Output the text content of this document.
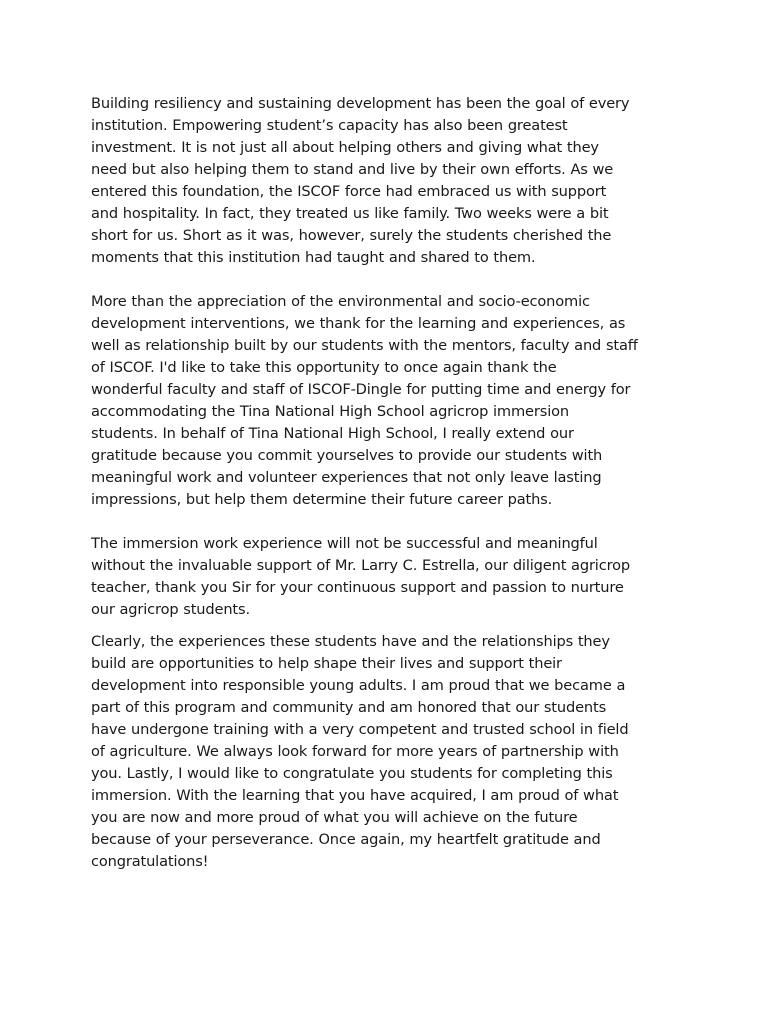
Building resiliency and sustaining development has been the goal of every
institution. Empowering student’s capacity has also been greatest
investment. It is not just all about helping others and giving what they
need but also helping them to stand and live by their own efforts. As we
entered this foundation, the ISCOF force had embraced us with support
and hospitality. In fact, they treated us like family. Two weeks were a bit
short for us. Short as it was, however, surely the students cherished the
moments that this institution had taught and shared to them.

More than the appreciation of the environmental and socio-economic
development interventions, we thank for the learning and experiences, as
well as relationship built by our students with the mentors, faculty and staff
of ISCOF. I'd like to take this opportunity to once again thank the
wonderful faculty and staff of ISCOF-Dingle for putting time and energy for
accommodating the Tina National High School agricrop immersion
students. In behalf of Tina National High School, I really extend our
gratitude because you commit yourselves to provide our students with
meaningful work and volunteer experiences that not only leave lasting
impressions, but help them determine their future career paths.

The immersion work experience will not be successful and meaningful
without the invaluable support of Mr. Larry C. Estrella, our diligent agricrop
teacher, thank you Sir for your continuous support and passion to nurture
our agricrop students.

Clearly, the experiences these students have and the relationships they
build are opportunities to help shape their lives and support their
development into responsible young adults. I am proud that we became a
part of this program and community and am honored that our students
have undergone training with a very competent and trusted school in field
of agriculture. We always look forward for more years of partnership with
you. Lastly, I would like to congratulate you students for completing this
immersion. With the learning that you have acquired, I am proud of what
you are now and more proud of what you will achieve on the future
because of your perseverance. Once again, my heartfelt gratitude and
congratulations!
